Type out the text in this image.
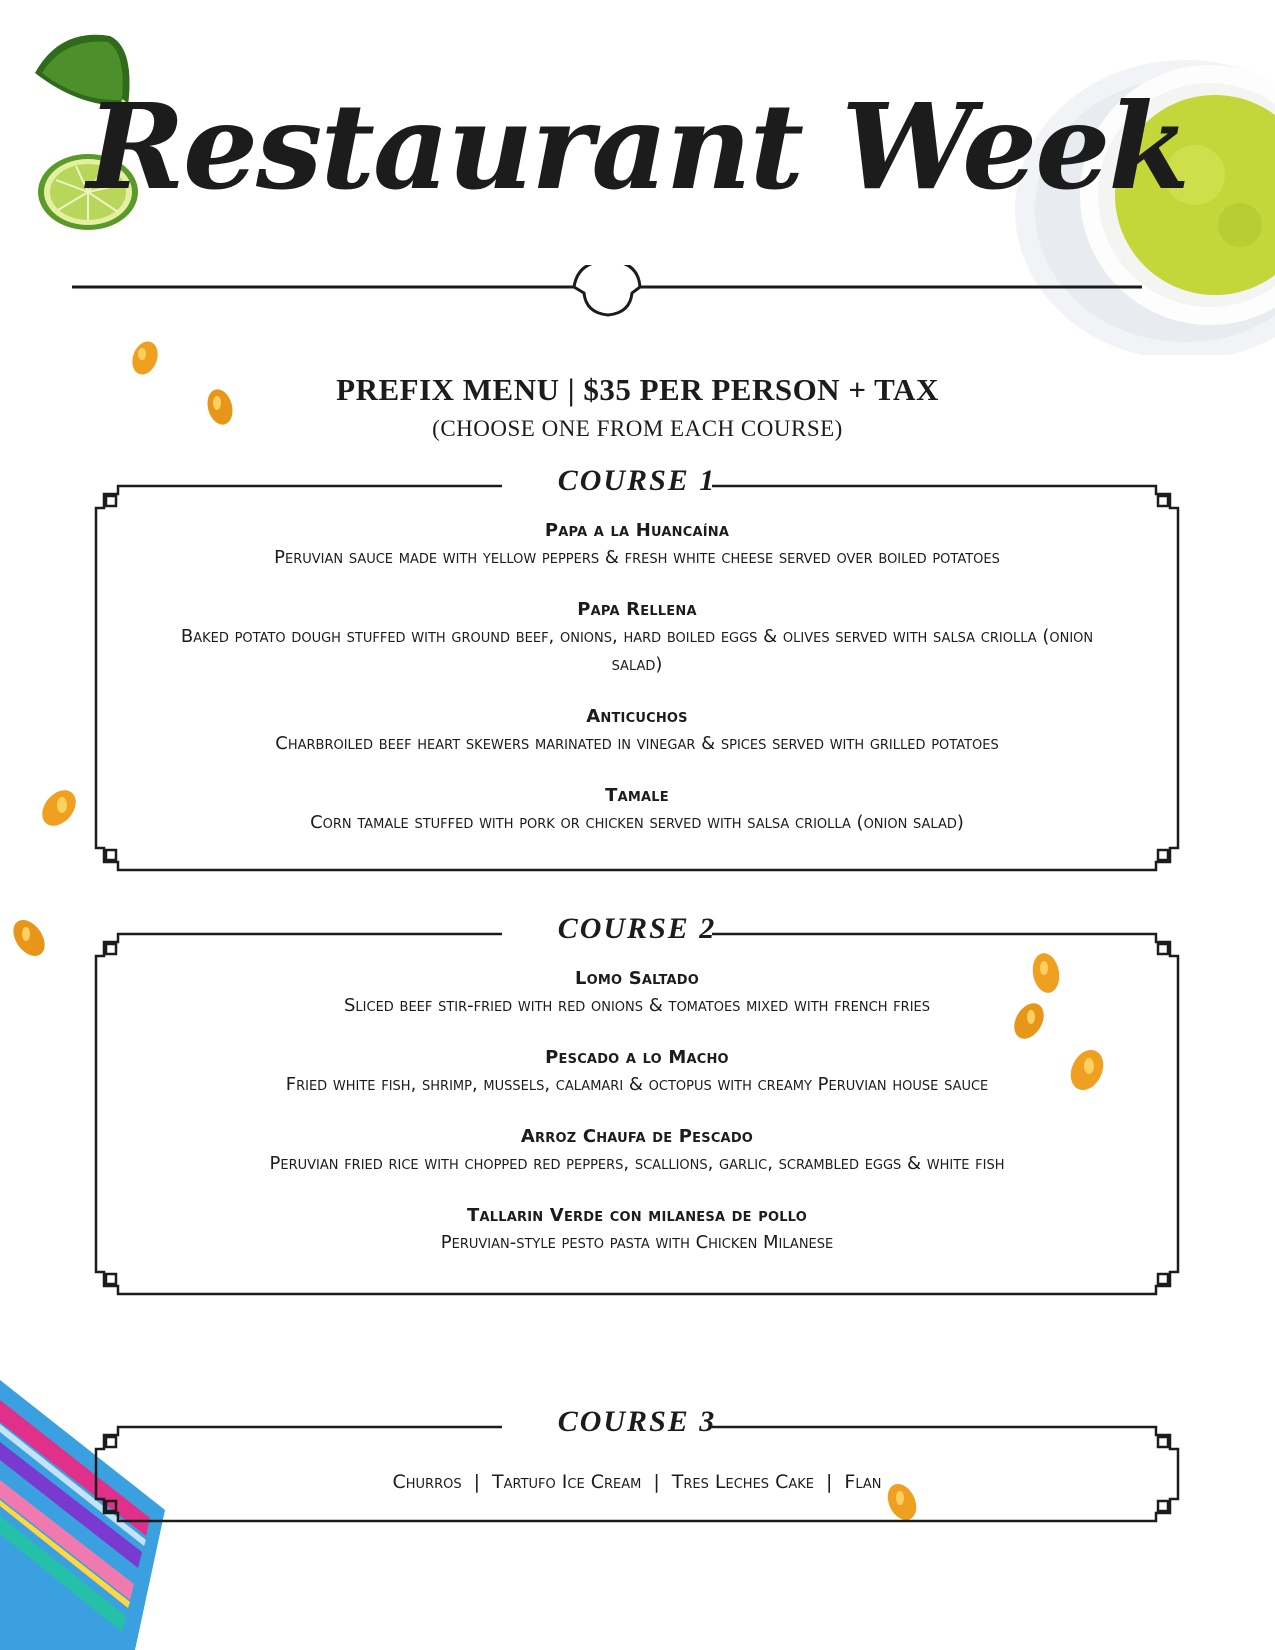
Restaurant Week
PREFIX MENU | $35 PER PERSON + TAX
(CHOOSE ONE FROM EACH COURSE)
COURSE 1
Papa a la Huancaína
Peruvian sauce made with yellow peppers & fresh white cheese served over boiled potatoes
Papa Rellena
Baked potato dough stuffed with ground beef, onions, hard boiled eggs & olives served with salsa criolla (onion salad)
Anticuchos
Charbroiled beef heart skewers marinated in vinegar & spices served with grilled potatoes
Tamale
Corn tamale stuffed with pork or chicken served with salsa criolla (onion salad)
COURSE 2
Lomo Saltado
Sliced beef stir-fried with red onions & tomatoes mixed with french fries
Pescado a lo Macho
Fried white fish, shrimp, mussels, calamari & octopus with creamy Peruvian house sauce
Arroz Chaufa de Pescado
Peruvian fried rice with chopped red peppers, scallions, garlic, scrambled eggs & white fish
Tallarin Verde con milanesa de pollo
Peruvian-style pesto pasta with Chicken Milanese
COURSE 3
Churros | Tartufo Ice Cream | Tres Leches Cake | Flan
